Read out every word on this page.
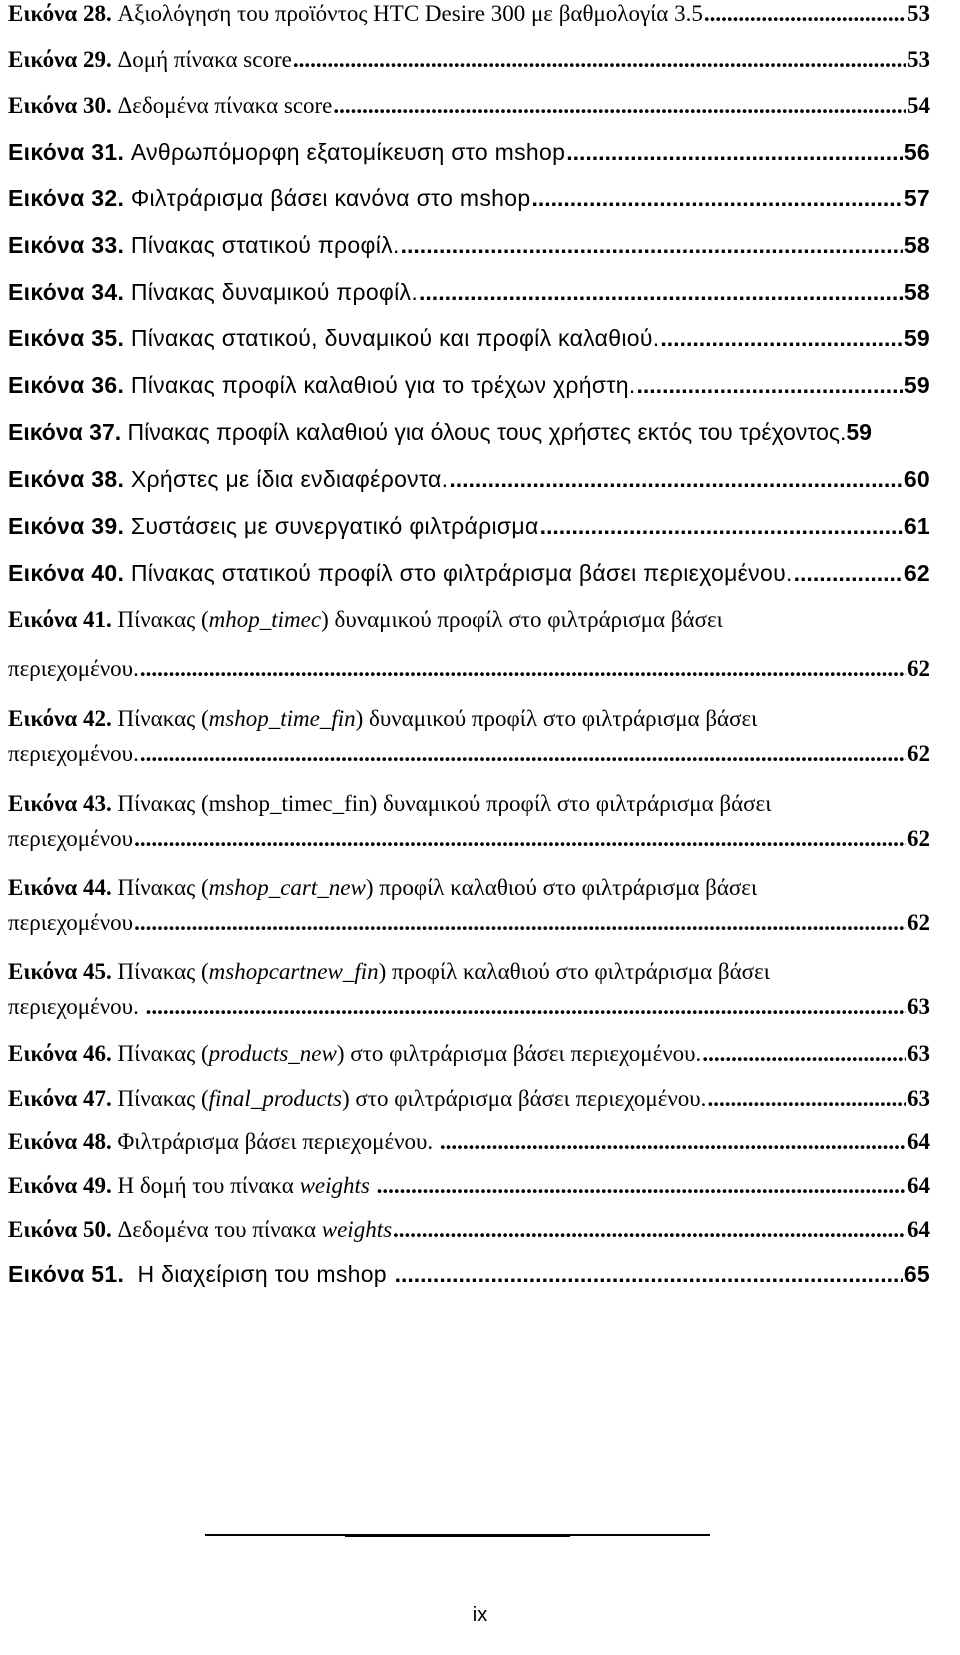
Εικόνα 28.
Αξιολόγηση του προϊόντος HTC Desire 300 με βαθμολογία 3.5 .....	53
Εικόνα 29.
Δομή πίνακα score .....	53
Εικόνα 30.
Δεδομένα πίνακα score .....	54
Εικόνα 31.
Ανθρωπόμορφη εξατομίκευση στο mshop .....	56
Εικόνα 32.
Φιλτράρισμα βάσει κανόνα στο mshop .....	57
Εικόνα 33.
Πίνακας στατικού προφίλ. .....	58
Εικόνα 34.
Πίνακας δυναμικού προφίλ. .....	58
Εικόνα 35.
Πίνακας στατικού, δυναμικού και προφίλ καλαθιού. .....	59
Εικόνα 36.
Πίνακας προφίλ καλαθιού για το τρέχων χρήστη. .....	59
Εικόνα 37.
Πίνακας προφίλ καλαθιού για όλους τους χρήστες εκτός του τρέχοντος. 59
Εικόνα 38.
Χρήστες με ίδια ενδιαφέροντα. .....	60
Εικόνα 39.
Συστάσεις με συνεργατικό φιλτράρισμα .....	61
Εικόνα 40.
Πίνακας στατικού προφίλ στο φιλτράρισμα βάσει περιεχομένου. .....	62
Εικόνα 41. Πίνακας (mhop_timec) δυναμικού προφίλ στο φιλτράρισμα βάσει
περιεχομένου. .....	62
Εικόνα 42. Πίνακας (mshop_time_fin) δυναμικού προφίλ στο φιλτράρισμα βάσει
περιεχομένου. .....	62
Εικόνα 43. Πίνακας (mshop_timec_fin) δυναμικού προφίλ στο φιλτράρισμα βάσει
περιεχομένου .....	62
Εικόνα 44. Πίνακας (mshop_cart_new) προφίλ καλαθιού στο φιλτράρισμα βάσει
περιεχομένου .....	62
Εικόνα 45. Πίνακας (mshopcartnew_fin) προφίλ καλαθιού στο φιλτράρισμα βάσει
περιεχομένου. .....	63
Εικόνα 46.
Πίνακας ( products_new ) στο φιλτράρισμα βάσει περιεχομένου. .....	63
Εικόνα 47.
Πίνακας ( final_products ) στο φιλτράρισμα βάσει περιεχομένου. .....	63
Εικόνα 48.
Φιλτράρισμα βάσει περιεχομένου. .....	64
Εικόνα 49.
Η δομή του πίνακα weights
.....	64
Εικόνα 50.
Δεδομένα του πίνακα weights .....	64
Εικόνα 51.
Η διαχείριση του mshop .....	65
ix
